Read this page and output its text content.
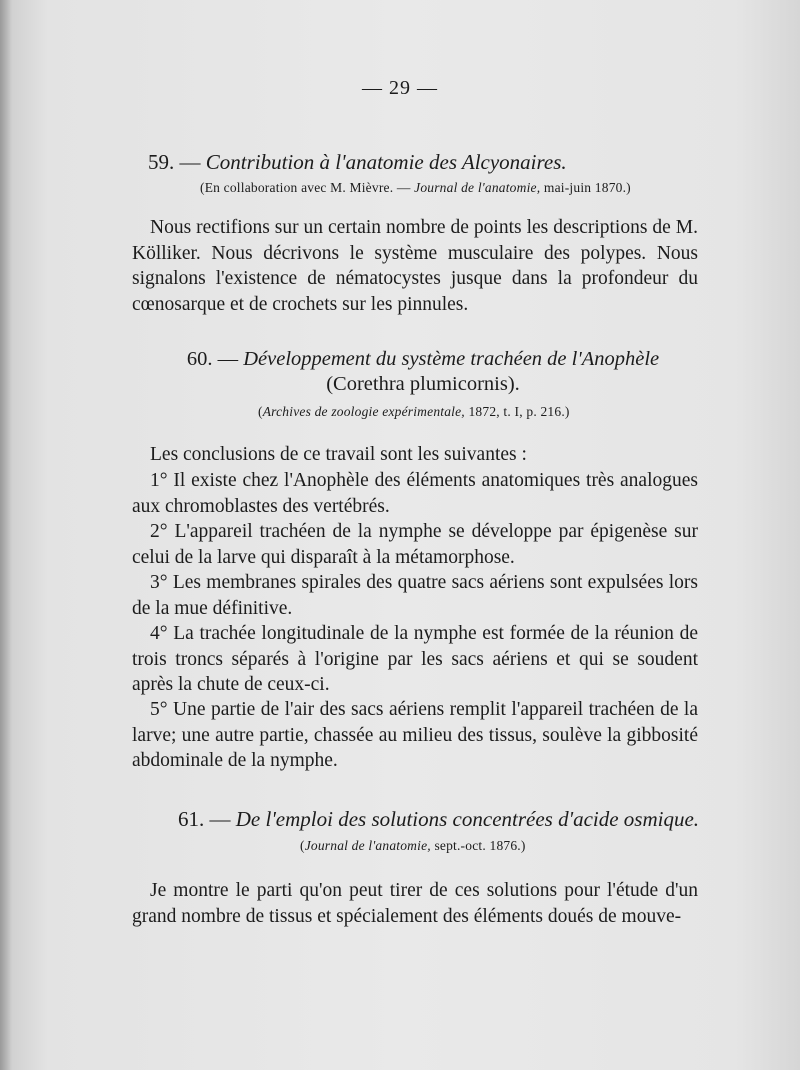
— 29 —
59. — Contribution à l'anatomie des Alcyonaires.
(En collaboration avec M. Mièvre. — Journal de l'anatomie, mai-juin 1870.)

Nous rectifions sur un certain nombre de points les descriptions de M. Kölliker. Nous décrivons le système musculaire des polypes. Nous signalons l'existence de nématocystes jusque dans la profondeur du cœnosarque et de crochets sur les pinnules.

60. — Développement du système trachéen de l'Anophèle (Corethra plumicornis).
(Archives de zoologie expérimentale, 1872, t. I, p. 216.)

Les conclusions de ce travail sont les suivantes :

1° Il existe chez l'Anophèle des éléments anatomiques très analogues aux chromoblastes des vertébrés.

2° L'appareil trachéen de la nymphe se développe par épigenèse sur celui de la larve qui disparaît à la métamorphose.

3° Les membranes spirales des quatre sacs aériens sont expulsées lors de la mue définitive.

4° La trachée longitudinale de la nymphe est formée de la réunion de trois troncs séparés à l'origine par les sacs aériens et qui se soudent après la chute de ceux-ci.

5° Une partie de l'air des sacs aériens remplit l'appareil trachéen de la larve; une autre partie, chassée au milieu des tissus, soulève la gibbosité abdominale de la nymphe.

61. — De l'emploi des solutions concentrées d'acide osmique.
(Journal de l'anatomie, sept.-oct. 1876.)

Je montre le parti qu'on peut tirer de ces solutions pour l'étude d'un grand nombre de tissus et spécialement des éléments doués de mouve-
